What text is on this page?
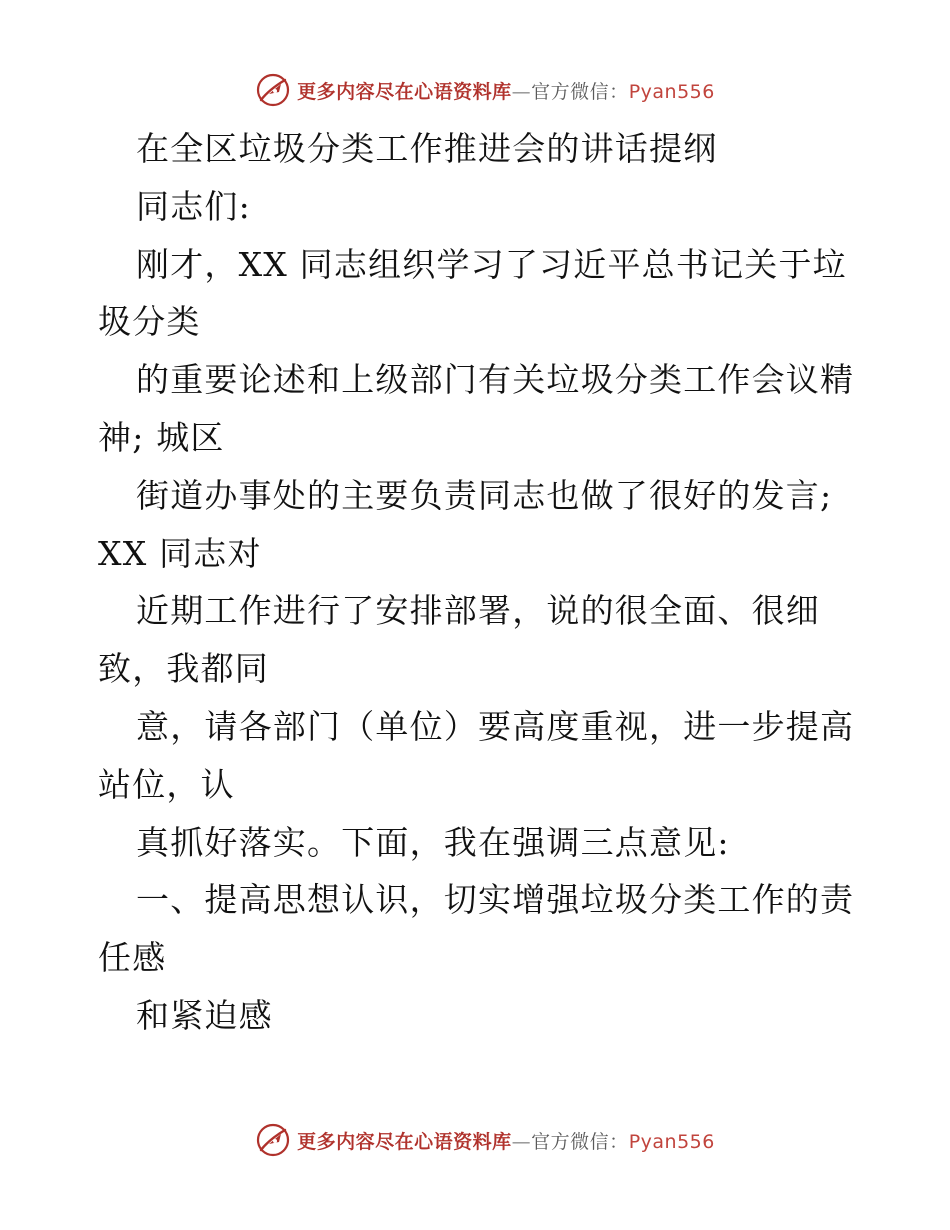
更多内容尽在心语资料库—官方微信：Pyan556
在全区垃圾分类工作推进会的讲话提纲
同志们:
刚才，XX 同志组织学习了习近平总书记关于垃
圾分类
的重要论述和上级部门有关垃圾分类工作会议精
神; 城区
街道办事处的主要负责同志也做了很好的发言;
XX 同志对
近期工作进行了安排部署，说的很全面、很细
致，我都同
意，请各部门（单位）要高度重视，进一步提高
站位，认
真抓好落实。下面，我在强调三点意见:
一、提高思想认识，切实增强垃圾分类工作的责
任感
和紧迫感
更多内容尽在心语资料库—官方微信：Pyan556
